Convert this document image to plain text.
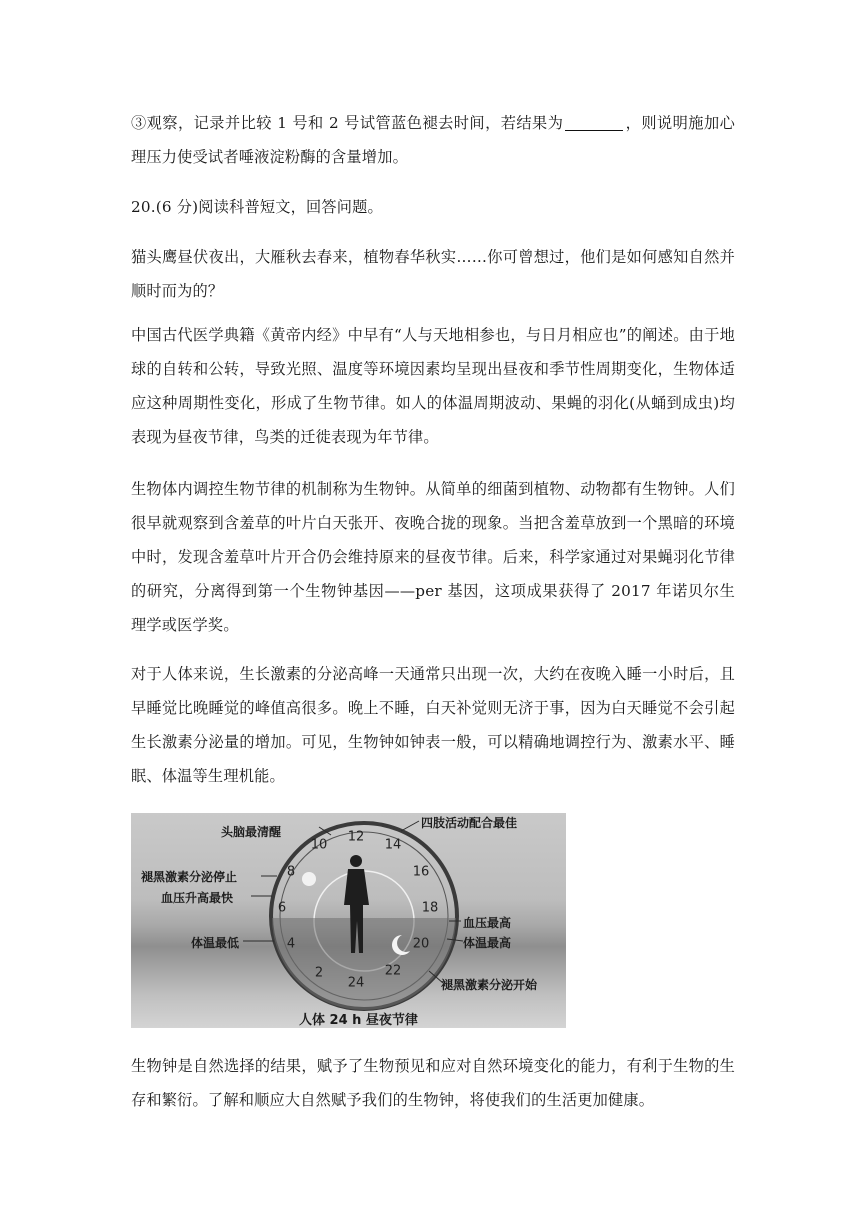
③观察，记录并比较 1 号和 2 号试管蓝色褪去时间，若结果为	，则说明施加心理压力使受试者唾液淀粉酶的含量增加。

20.(6 分)阅读科普短文，回答问题。

猫头鹰昼伏夜出，大雁秋去春来，植物春华秋实……你可曾想过，他们是如何感知自然并顺时而为的？

中国古代医学典籍《黄帝内经》中早有“人与天地相参也，与日月相应也”的阐述。由于地球的自转和公转，导致光照、温度等环境因素均呈现出昼夜和季节性周期变化，生物体适应这种周期性变化，形成了生物节律。如人的体温周期波动、果蝇的羽化(从蛹到成虫)均表现为昼夜节律，鸟类的迁徙表现为年节律。

生物体内调控生物节律的机制称为生物钟。从简单的细菌到植物、动物都有生物钟。人们很早就观察到含羞草的叶片白天张开、夜晚合拢的现象。当把含羞草放到一个黑暗的环境中时，发现含羞草叶片开合仍会维持原来的昼夜节律。后来，科学家通过对果蝇羽化节律的研究，分离得到第一个生物钟基因——per 基因，这项成果获得了 2017 年诺贝尔生理学或医学奖。

对于人体来说，生长激素的分泌高峰一天通常只出现一次，大约在夜晚入睡一小时后，且早睡觉比晚睡觉的峰值高很多。晚上不睡，白天补觉则无济于事，因为白天睡觉不会引起生长激素分泌量的增加。可见，生物钟如钟表一般，可以精确地调控行为、激素水平、睡眠、体温等生理机能。

头脑最清醒
四肢活动配合最佳
褪黑激素分泌停止
血压升高最快
体温最低
血压最高
体温最高
褪黑激素分泌开始
2
4
6
8
10
12
14
16
18
20
22
24
人体 24 h 昼夜节律

生物钟是自然选择的结果，赋予了生物预见和应对自然环境变化的能力，有利于生物的生存和繁衍。了解和顺应大自然赋予我们的生物钟，将使我们的生活更加健康。
